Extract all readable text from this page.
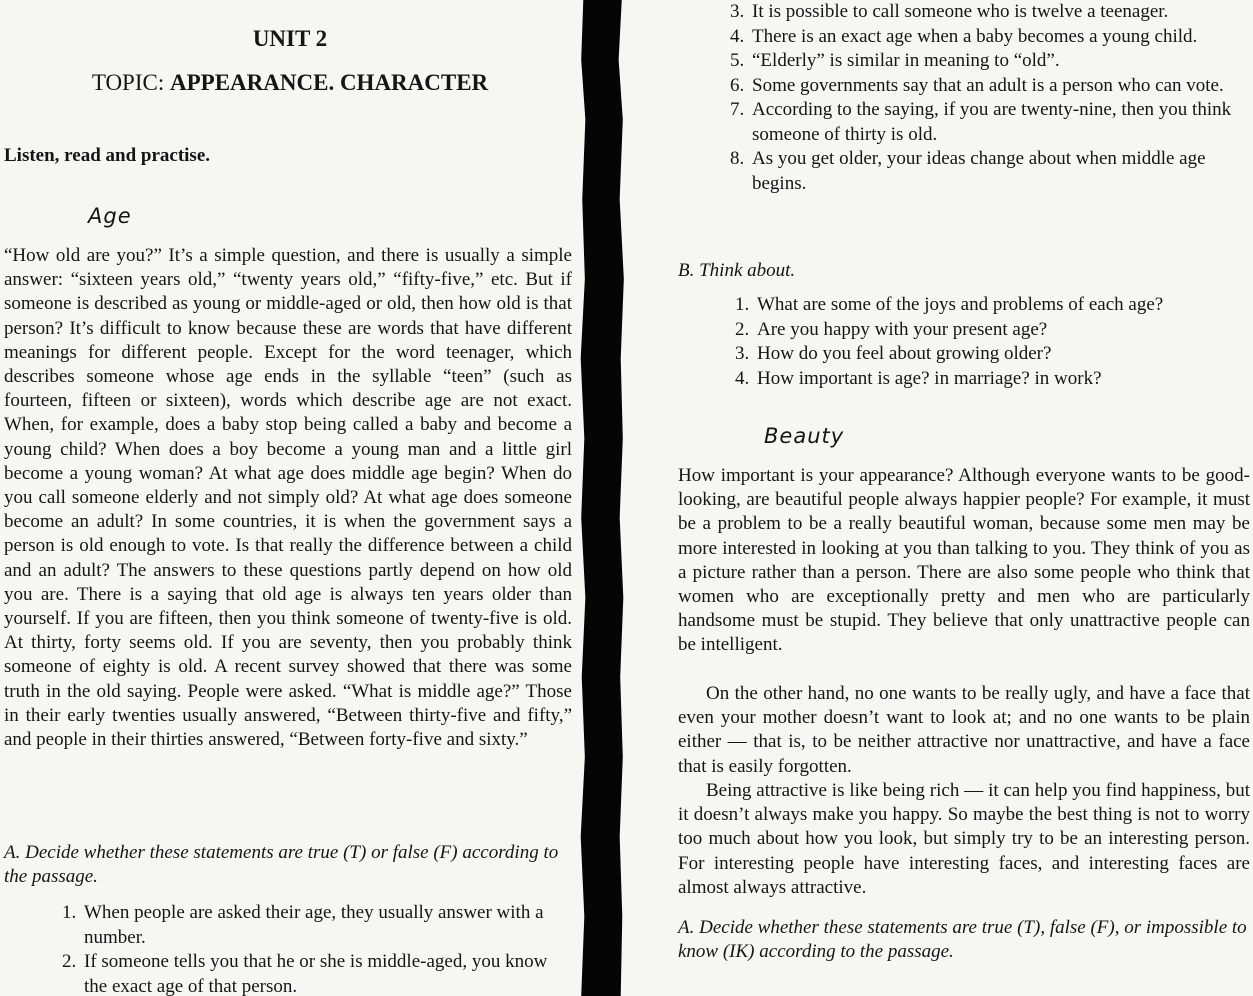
UNIT 2
TOPIC: APPEARANCE. CHARACTER
Listen, read and practise.
Age

“How old are you?” It’s a simple question, and there is usually a simple answer: “sixteen years old,” “twenty years old,” “fifty-five,” etc. But if someone is described as young or middle-aged or old, then how old is that person? It’s difficult to know because these are words that have different meanings for different people. Except for the word teenager, which describes someone whose age ends in the syllable “teen” (such as fourteen, fifteen or sixteen), words which describe age are not exact. When, for example, does a baby stop being called a baby and become a young child? When does a boy become a young man and a little girl become a young woman? At what age does middle age begin? When do you call someone elderly and not simply old? At what age does someone become an adult? In some countries, it is when the government says a person is old enough to vote. Is that really the difference between a child and an adult? The answers to these questions partly depend on how old you are. There is a saying that old age is always ten years older than yourself. If you are fifteen, then you think someone of twenty-five is old. At thirty, forty seems old. If you are seventy, then you probably think someone of eighty is old. A recent survey showed that there was some truth in the old saying. People were asked. “What is middle age?” Those in their early twenties usually answered, “Between thirty-five and fifty,” and people in their thirties answered, “Between forty-five and sixty.”

A. Decide whether these statements are true (T) or false (F) according to the passage.
1. When people are asked their age, they usually answer with a number.
2. If someone tells you that he or she is middle-aged, you know the exact age of that person.
3. It is possible to call someone who is twelve a teenager.
4. There is an exact age when a baby becomes a young child.
5. “Elderly” is similar in meaning to “old”.
6. Some governments say that an adult is a person who can vote.
7. According to the saying, if you are twenty-nine, then you think someone of thirty is old.
8. As you get older, your ideas change about when middle age begins.
B. Think about.
1. What are some of the joys and problems of each age?
2. Are you happy with your present age?
3. How do you feel about growing older?
4. How important is age? in marriage? in work?
Beauty

How important is your appearance? Although everyone wants to be good-looking, are beautiful people always happier people? For example, it must be a problem to be a really beautiful woman, because some men may be more interested in looking at you than talking to you. They think of you as a picture rather than a person. There are also some people who think that women who are exceptionally pretty and men who are particularly handsome must be stupid. They believe that only unattractive people can be intelligent.

On the other hand, no one wants to be really ugly, and have a face that even your mother doesn’t want to look at; and no one wants to be plain either — that is, to be neither attractive nor unattractive, and have a face that is easily forgotten.

Being attractive is like being rich — it can help you find happiness, but it doesn’t always make you happy. So maybe the best thing is not to worry too much about how you look, but simply try to be an interesting person. For interesting people have interesting faces, and interesting faces are almost always attractive.

A. Decide whether these statements are true (T), false (F), or impossible to know (IK) according to the passage.
